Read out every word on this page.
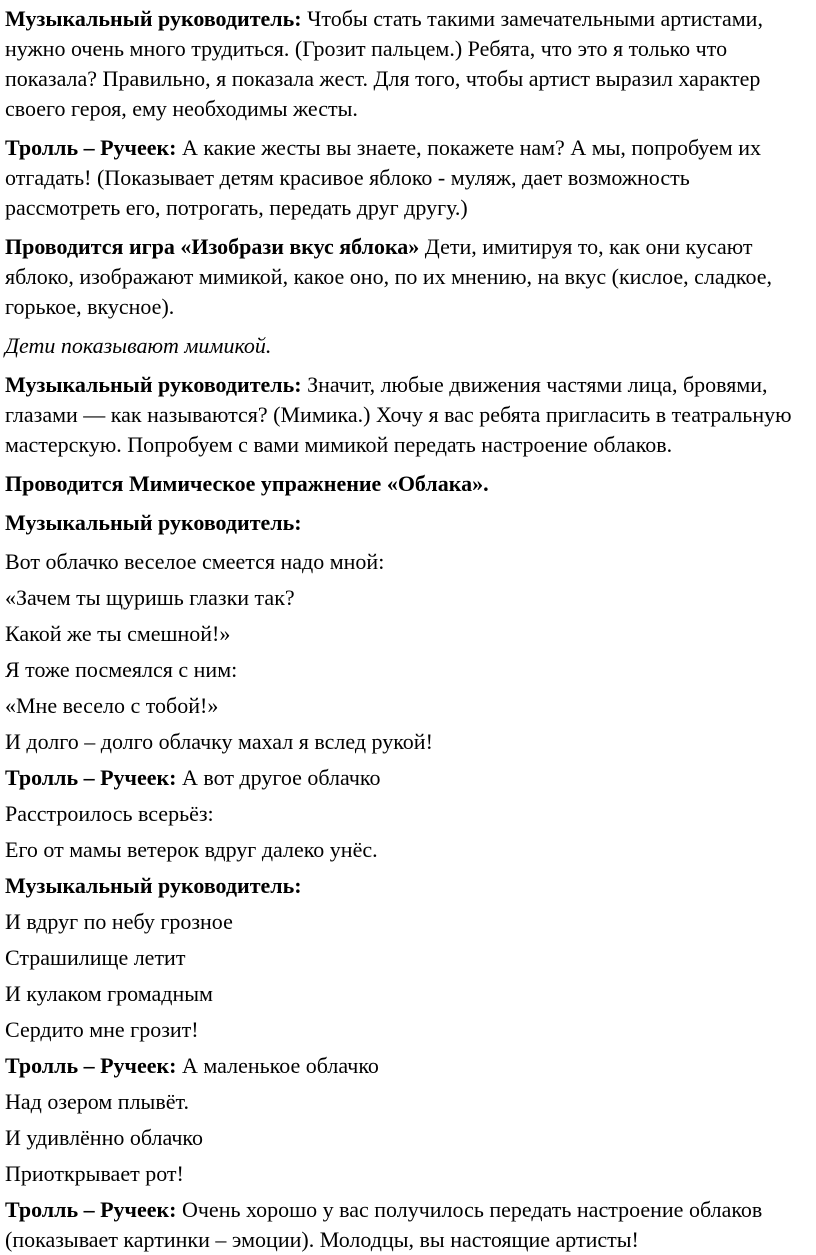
Музыкальный руководитель: Чтобы стать такими замечательными артистами, нужно очень много трудиться. (Грозит пальцем.) Ребята, что это я только что показала? Правильно, я показала жест. Для того, чтобы артист выразил характер своего героя, ему необходимы жесты.

Тролль – Ручеек: А какие жесты вы знаете, покажете нам? А мы, попробуем их отгадать! (Показывает детям красивое яблоко - муляж, дает возможность рассмотреть его, потрогать, передать друг другу.)

Проводится игра «Изобрази вкус яблока» Дети, имитируя то, как они кусают яблоко, изображают мимикой, какое оно, по их мнению, на вкус (кислое, сладкое, горькое, вкусное).

Дети показывают мимикой.

Музыкальный руководитель: Значит, любые движения частями лица, бровями, глазами — как называются? (Мимика.) Хочу я вас ребята пригласить в театральную мастерскую. Попробуем с вами мимикой передать настроение облаков.

Проводится Мимическое упражнение «Облака».

Музыкальный руководитель:

Вот облачко веселое смеется надо мной:

«Зачем ты щуришь глазки так?

Какой же ты смешной!»

Я тоже посмеялся с ним:

«Мне весело с тобой!»

И долго – долго облачку махал я вслед рукой!

Тролль – Ручеек: А вот другое облачко

Расстроилось всерьёз:

Его от мамы ветерок вдруг далеко унёс.

Музыкальный руководитель:

И вдруг по небу грозное

Страшилище летит

И кулаком громадным

Сердито мне грозит!

Тролль – Ручеек: А маленькое облачко

Над озером плывёт.

И удивлённо облачко

Приоткрывает рот!

Тролль – Ручеек: Очень хорошо у вас получилось передать настроение облаков (показывает картинки – эмоции). Молодцы, вы настоящие артисты!
